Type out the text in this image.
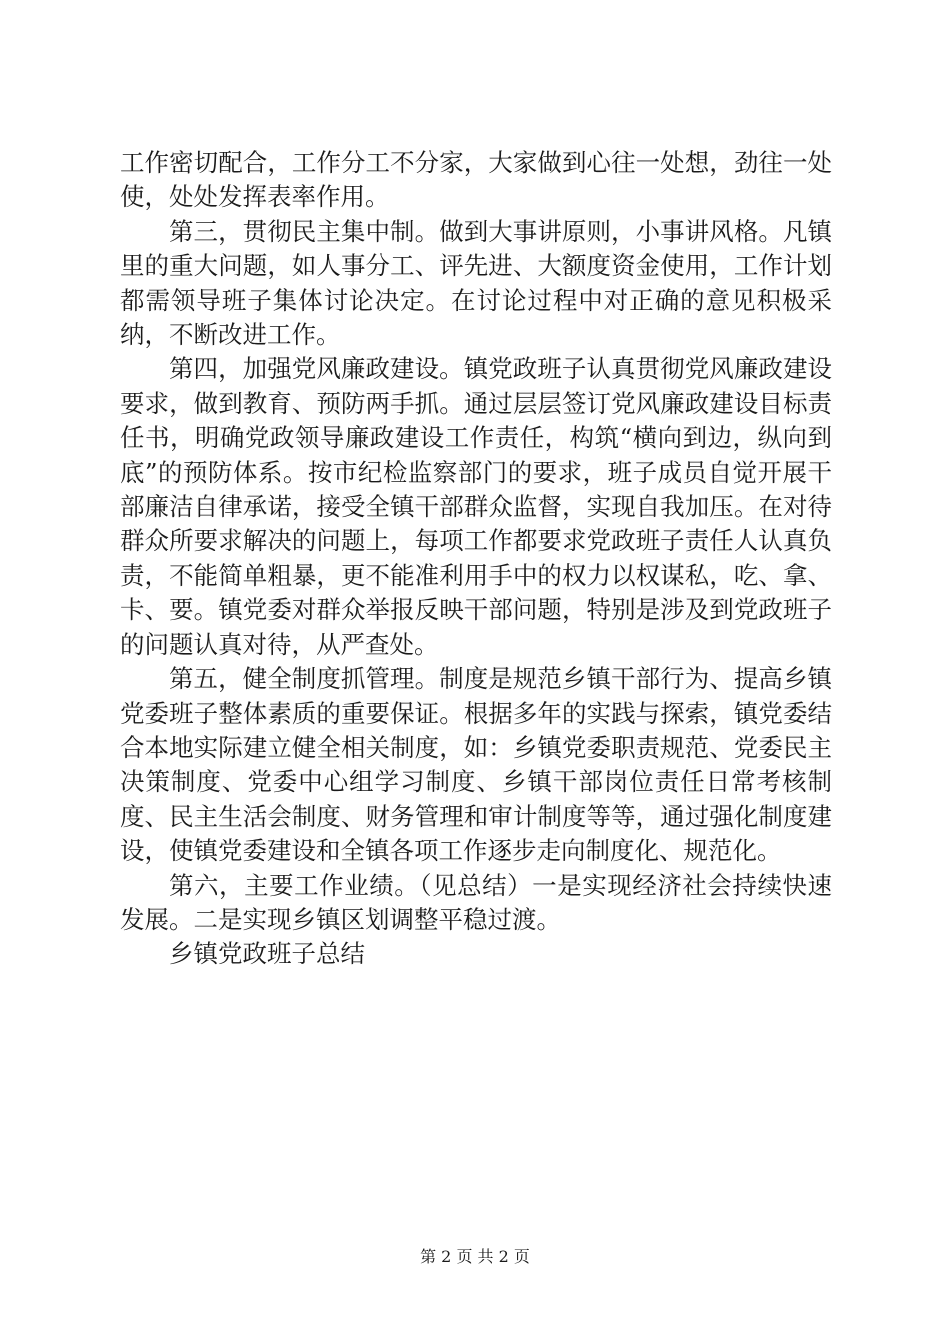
工作密切配合，工作分工不分家，大家做到心往一处想，劲往一处使，处处发挥表率作用。

第三，贯彻民主集中制。做到大事讲原则，小事讲风格。凡镇里的重大问题，如人事分工、评先进、大额度资金使用，工作计划都需领导班子集体讨论决定。在讨论过程中对正确的意见积极采纳，不断改进工作。

第四，加强党风廉政建设。镇党政班子认真贯彻党风廉政建设要求，做到教育、预防两手抓。通过层层签订党风廉政建设目标责任书，明确党政领导廉政建设工作责任，构筑“横向到边，纵向到底”的预防体系。按市纪检监察部门的要求，班子成员自觉开展干部廉洁自律承诺，接受全镇干部群众监督，实现自我加压。在对待群众所要求解决的问题上，每项工作都要求党政班子责任人认真负责，不能简单粗暴，更不能准利用手中的权力以权谋私，吃、拿、卡、要。镇党委对群众举报反映干部问题，特别是涉及到党政班子的问题认真对待，从严查处。

第五，健全制度抓管理。制度是规范乡镇干部行为、提高乡镇党委班子整体素质的重要保证。根据多年的实践与探索，镇党委结合本地实际建立健全相关制度，如：乡镇党委职责规范、党委民主决策制度、党委中心组学习制度、乡镇干部岗位责任日常考核制度、民主生活会制度、财务管理和审计制度等等，通过强化制度建设，使镇党委建设和全镇各项工作逐步走向制度化、规范化。

第六，主要工作业绩。（见总结）一是实现经济社会持续快速发展。二是实现乡镇区划调整平稳过渡。

乡镇党政班子总结

第 2 页 共 2 页
